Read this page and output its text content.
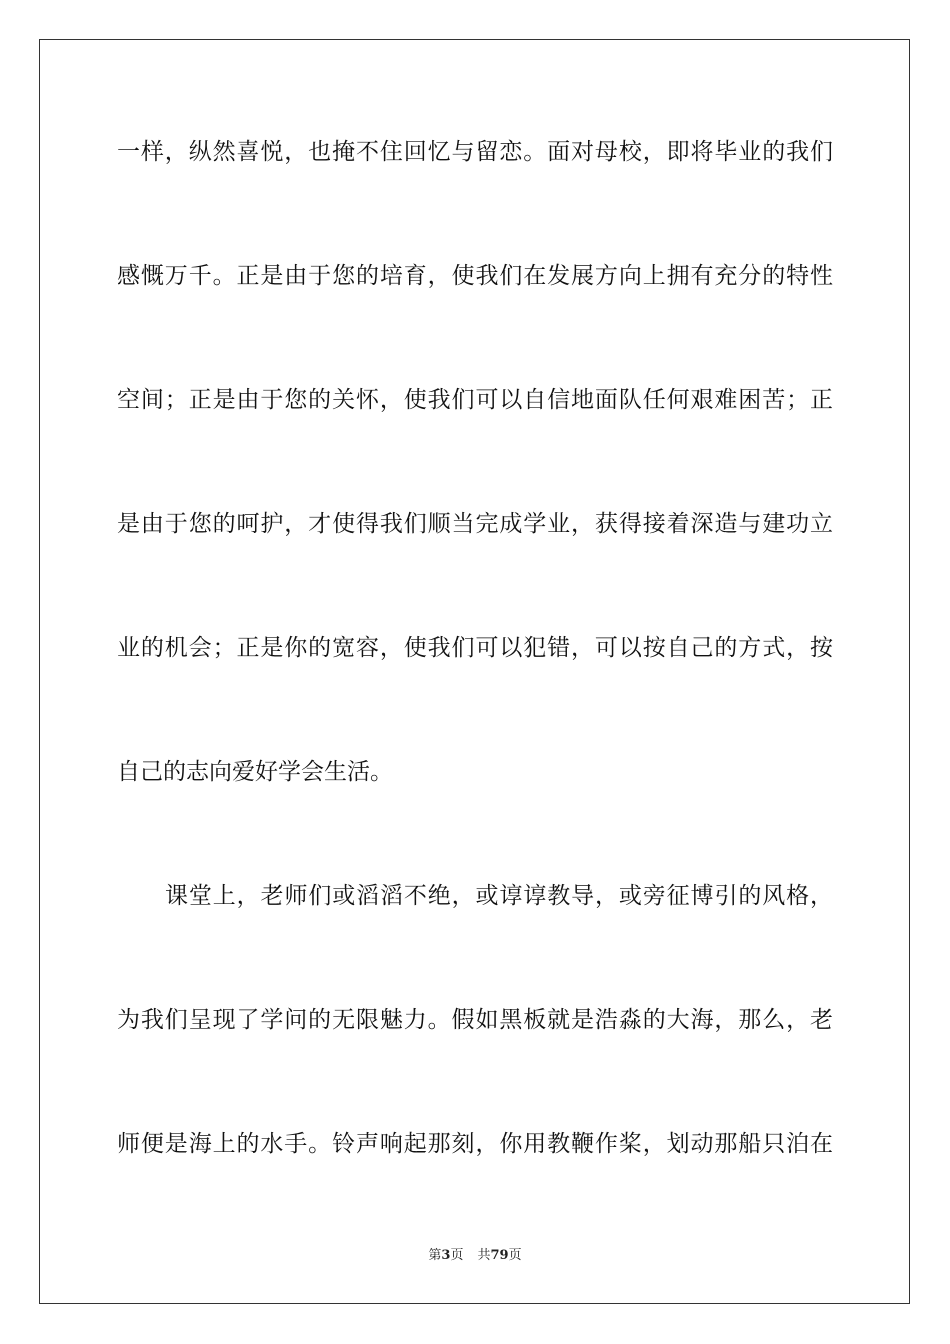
一样，纵然喜悦，也掩不住回忆与留恋。面对母校，即将毕业的我们
感慨万千。正是由于您的培育，使我们在发展方向上拥有充分的特性
空间；正是由于您的关怀，使我们可以自信地面队任何艰难困苦；正
是由于您的呵护，才使得我们顺当完成学业，获得接着深造与建功立
业的机会；正是你的宽容，使我们可以犯错，可以按自己的方式，按
自己的志向爱好学会生活。
课堂上，老师们或滔滔不绝，或谆谆教导，或旁征博引的风格，
为我们呈现了学问的无限魅力。假如黑板就是浩淼的大海，那么，老
师便是海上的水手。铃声响起那刻，你用教鞭作桨，划动那船只泊在
第3页 共79页
